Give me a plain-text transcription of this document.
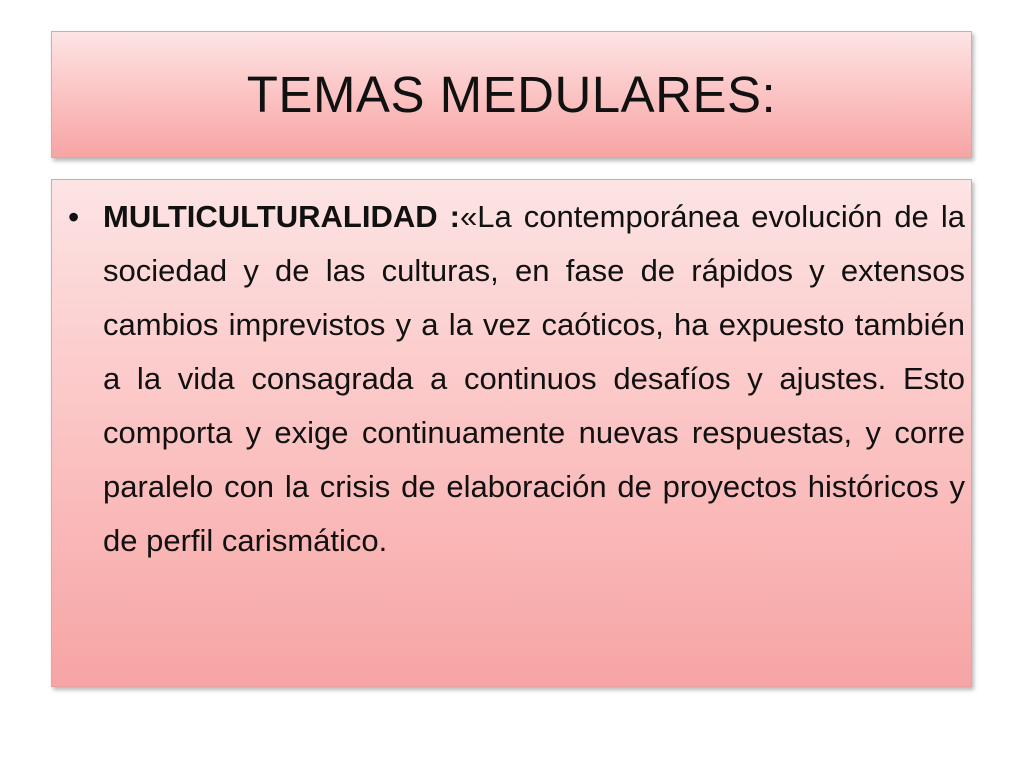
TEMAS MEDULARES:
• MULTICULTURALIDAD :«La contemporánea evolución de la sociedad y de las culturas, en fase de rápidos y extensos cambios imprevistos y a la vez caóticos, ha expuesto también a la vida consagrada a continuos desafíos y ajustes. Esto comporta y exige continuamente nuevas respuestas, y corre paralelo con la crisis de elaboración de proyectos históricos y de perfil carismático.
